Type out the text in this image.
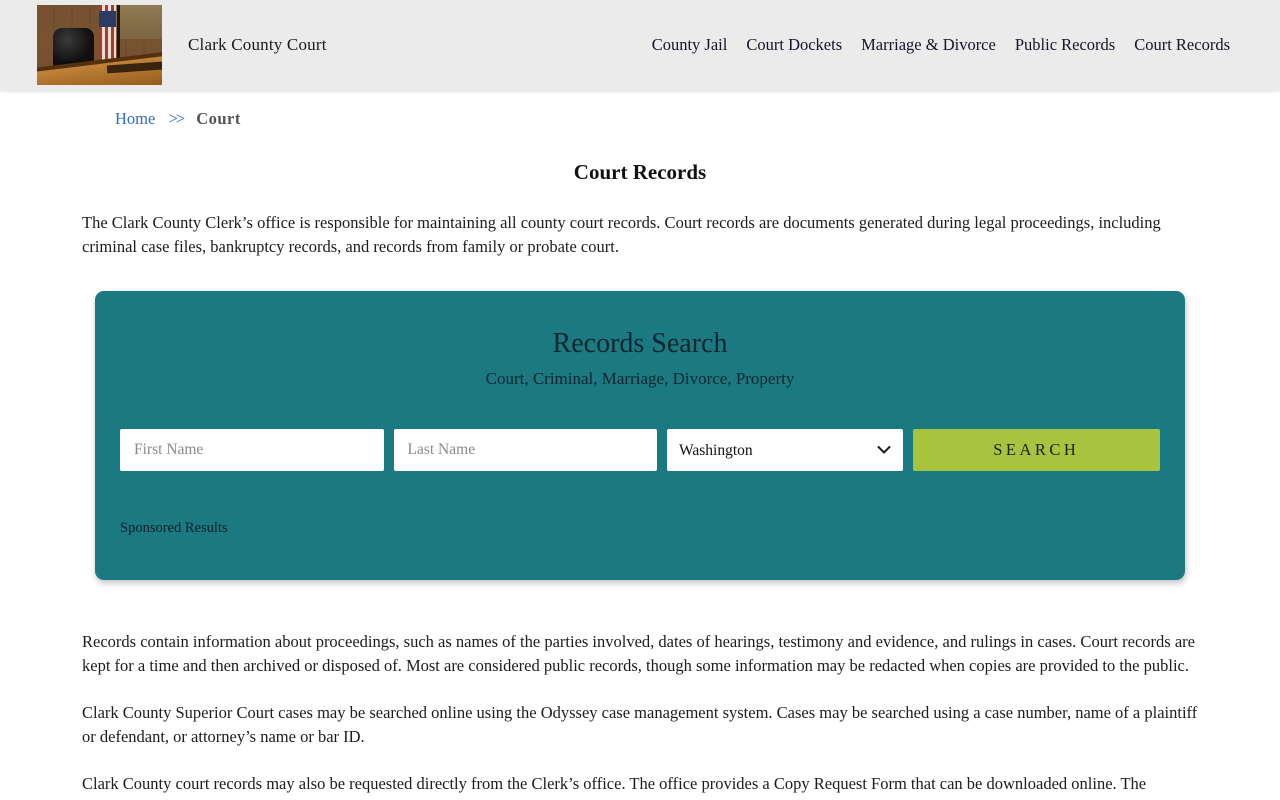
Clark County Court	County Jail Court Dockets Marriage & Divorce Public Records Court Records
Home >> Court
Court Records

The Clark County Clerk’s office is responsible for maintaining all county court records. Court records are documents generated during legal proceedings, including criminal case files, bankruptcy records, and records from family or probate court.

Records Search

Court, Criminal, Marriage, Divorce, Property

First Name
Last Name
Washington
SEARCH
Sponsored Results

Records contain information about proceedings, such as names of the parties involved, dates of hearings, testimony and evidence, and rulings in cases. Court records are kept for a time and then archived or disposed of. Most are considered public records, though some information may be redacted when copies are provided to the public.

Clark County Superior Court cases may be searched online using the Odyssey case management system. Cases may be searched using a case number, name of a plaintiff or defendant, or attorney’s name or bar ID.

Clark County court records may also be requested directly from the Clerk’s office. The office provides a Copy Request Form that can be downloaded online. The
